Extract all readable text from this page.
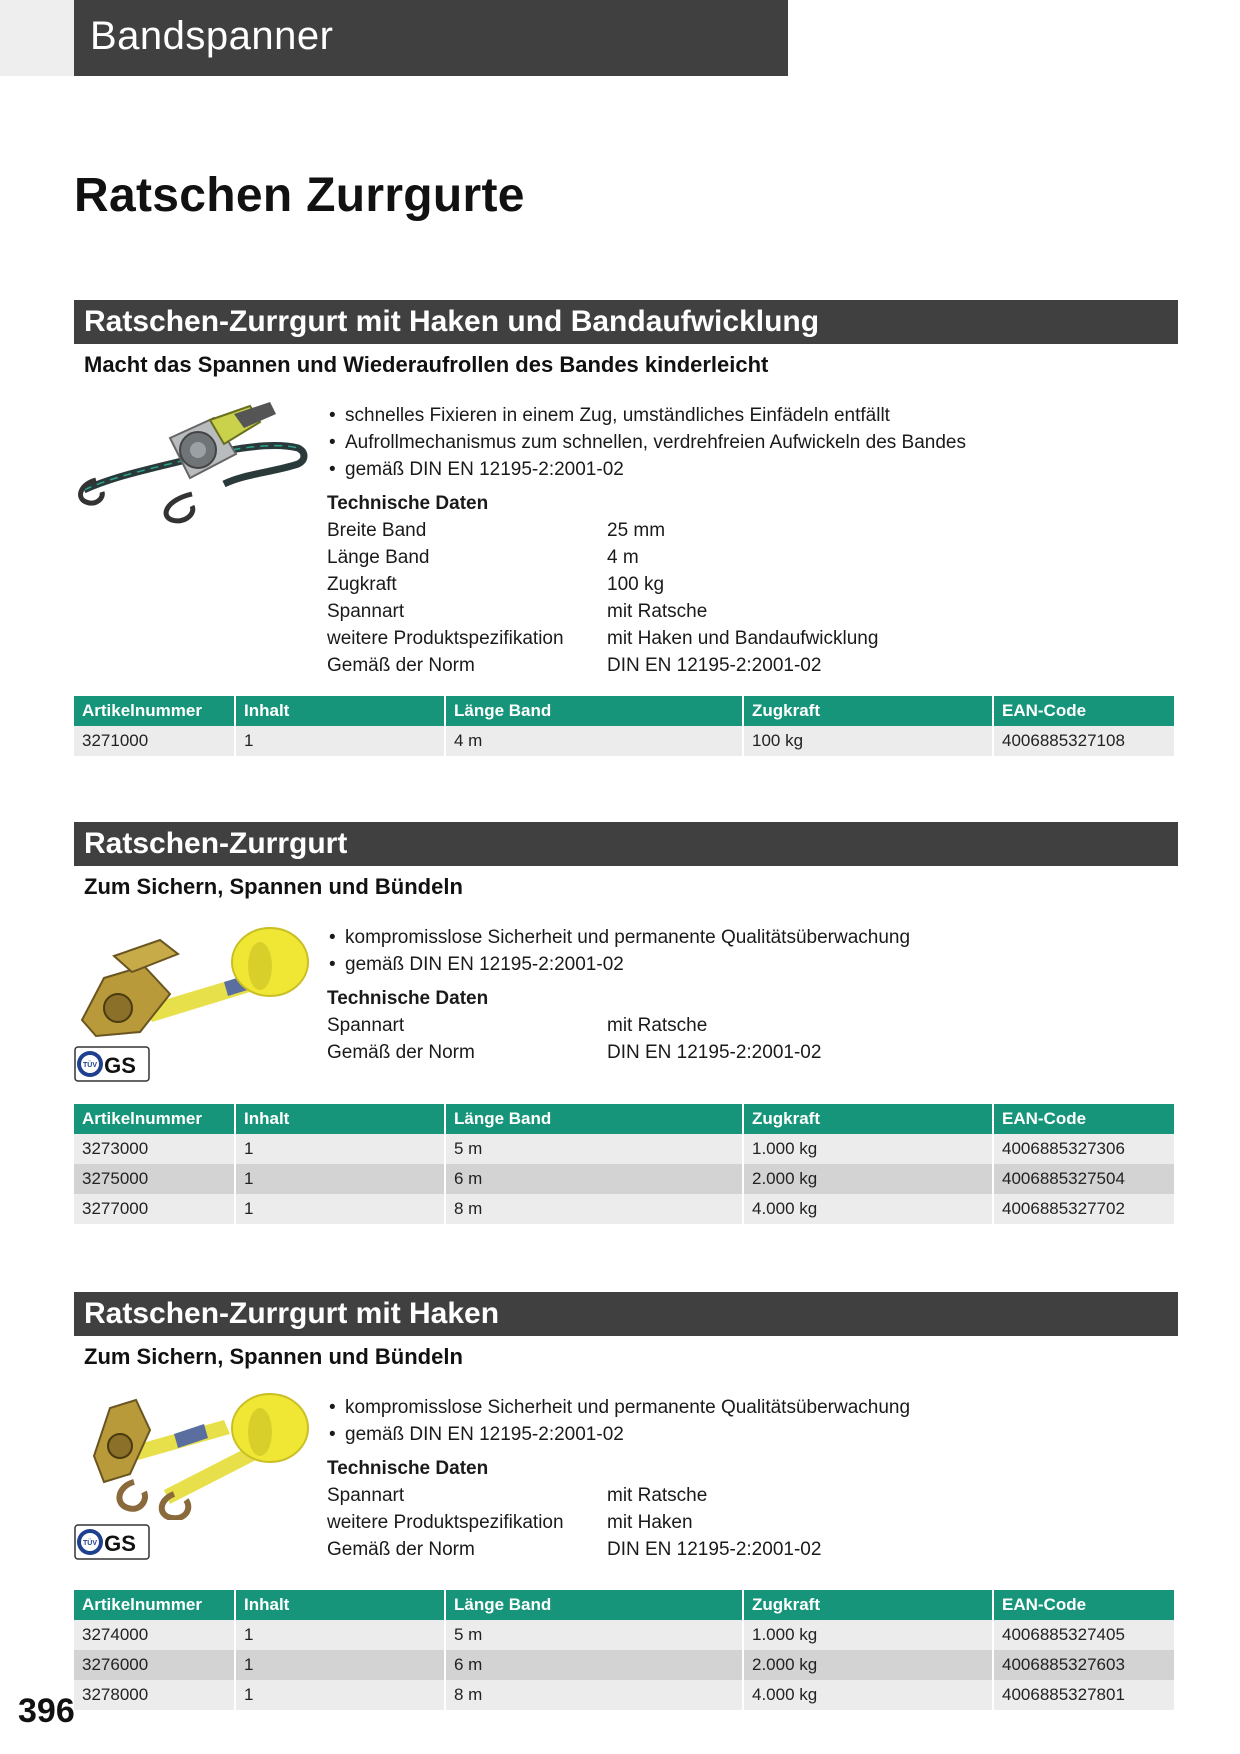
Bandspanner
Ratschen Zurrgurte
Ratschen-Zurrgurt mit Haken und Bandaufwicklung
Macht das Spannen und Wiederaufrollen des Bandes kinderleicht
• schnelles Fixieren in einem Zug, umständliches Einfädeln entfällt
• Aufrollmechanismus zum schnellen, verdrehfreien Aufwickeln des Bandes
• gemäß DIN EN 12195-2:2001-02
Technische Daten
Breite Band	25 mm
Länge Band	4 m
Zugkraft	100 kg
Spannart	mit Ratsche
weitere Produktspezifikation	mit Haken und Bandaufwicklung
Gemäß der Norm	DIN EN 12195-2:2001-02
Artikelnummer	Inhalt	Länge Band	Zugkraft	EAN-Code
3271000	1	4 m	100 kg	4006885327108
Ratschen-Zurrgurt
Zum Sichern, Spannen und Bündeln
TÜV GS
• kompromisslose Sicherheit und permanente Qualitätsüberwachung
• gemäß DIN EN 12195-2:2001-02
Technische Daten
Spannart	mit Ratsche
Gemäß der Norm	DIN EN 12195-2:2001-02
Artikelnummer	Inhalt	Länge Band	Zugkraft	EAN-Code
3273000	1	5 m	1.000 kg	4006885327306
3275000	1	6 m	2.000 kg	4006885327504
3277000	1	8 m	4.000 kg	4006885327702
Ratschen-Zurrgurt mit Haken
Zum Sichern, Spannen und Bündeln
TÜV GS
• kompromisslose Sicherheit und permanente Qualitätsüberwachung
• gemäß DIN EN 12195-2:2001-02
Technische Daten
Spannart	mit Ratsche
weitere Produktspezifikation	mit Haken
Gemäß der Norm	DIN EN 12195-2:2001-02
Artikelnummer	Inhalt	Länge Band	Zugkraft	EAN-Code
3274000	1	5 m	1.000 kg	4006885327405
3276000	1	6 m	2.000 kg	4006885327603
3278000	1	8 m	4.000 kg	4006885327801
396
